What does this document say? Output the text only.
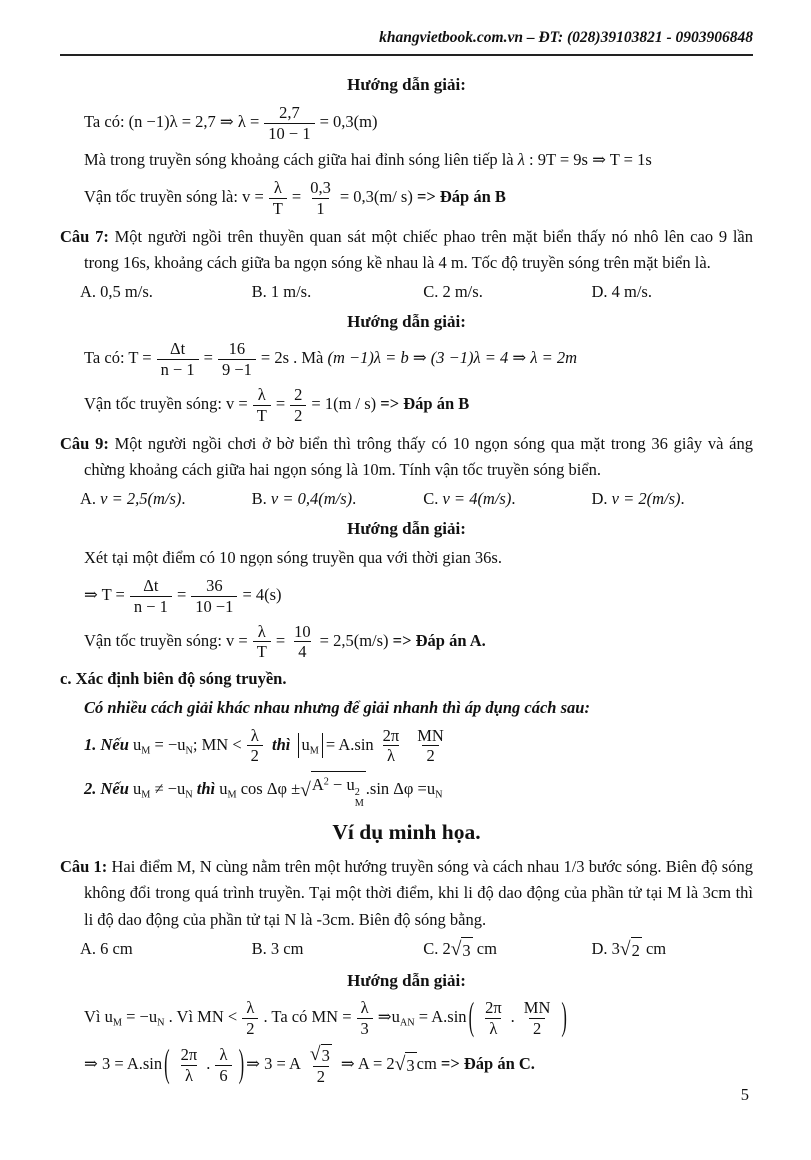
khangvietbook.com.vn – ĐT: (028)39103821 - 0903906848
Hướng dẫn giải:
Ta có: (n −1)λ = 2,7 ⇒ $\lambda = \frac{2,7}{10 - 1} = 0,3(m)$
Mà trong truyền sóng khoảng cách giữa hai đỉnh sóng liên tiếp là λ : 9T = 9s ⇒ T = 1s
Vận tốc truyền sóng là: $v = \frac{\lambda}{T} = \frac{0,3}{1} = 0,3(m/$ s) => Đáp án B
Câu 7: Một người ngồi trên thuyền quan sát một chiếc phao trên mặt biển thấy nó nhô lên cao 9 lần trong 16s, khoảng cách giữa ba ngọn sóng kề nhau là 4 m. Tốc độ truyền sóng trên mặt biển là.
A. 0,5 m/s.	B. 1 m/s.	C. 2 m/s.	D. 4 m/s.
Hướng dẫn giải:
Ta có: $T = \frac{\Delta t}{n - 1} = \frac{16}{9 -1} = 2s$ . Mà (m −1)λ = b ⇒ (3 −1)λ = 4 ⇒ λ = 2m
Vận tốc truyền sóng: $v = \frac{\lambda}{T} = \frac{2}{2} = 1(m / s)$ => Đáp án B
Câu 9: Một người ngồi chơi ở bờ biển thì trông thấy có 10 ngọn sóng qua mặt trong 36 giây và áng chừng khoảng cách giữa hai ngọn sóng là 10m. Tính vận tốc truyền sóng biển.
A. v = 2,5(m/s).	B. v = 0,4(m/s).	C. v = 4(m/s).	D. v = 2(m/s).
Hướng dẫn giải:
Xét tại một điểm có 10 ngọn sóng truyền qua với thời gian 36s.
⇒ $T = \frac{\Delta t}{n - 1} = \frac{36}{10 -1} = 4(s)$
Vận tốc truyền sóng: $v = \frac{\lambda}{T} = \frac{10}{4} = 2,5(m/s)$ => Đáp án A.
c. Xác định biên độ sóng truyền.
Có nhiều cách giải khác nhau nhưng để giải nhanh thì áp dụng cách sau:
1. Nếu $u_M = -u_N$; MN < $\frac{\lambda}{2}$ thì $u_M = A.\sin \frac{2\pi}{\lambda} \frac{MN}{2}$
2. Nếu $u_M \ne -u_N$ thì $u_M$ cos Δφ ± √ $A^2 - u$ 2
M
.sin $\Delta\varphi =u_N$
Ví dụ minh họa.
Câu 1: Hai điểm M, N cùng nằm trên một hướng truyền sóng và cách nhau 1/3 bước sóng. Biên độ sóng không đổi trong quá trình truyền. Tại một thời điểm, khi li độ dao động của phần tử tại M là 3cm thì li độ dao động của phần tử tại N là -3cm. Biên độ sóng bằng.
A. 6 cm	B. 3 cm	C. 2 √ 3 cm	D. 3 √ 2 cm
Hướng dẫn giải:
Vì $u_M = -u_N$ . Vì MN < $\frac{\lambda}{2}$ . Ta có MN = $\frac{\lambda}{3}$ $\Rightarrow u_{AN} = A.\sin$ ( $\frac{2\pi}{\lambda}$ . $\frac{MN}{2}$ )
⇒ 3 = A.sin ( $\frac{2\pi}{\lambda}$ . $\frac{\lambda}{6}$ ) ⇒ 3 = A $\frac{√ 3}{2}$ ⇒ A = 2 √ 3 cm => Đáp án C.
5
